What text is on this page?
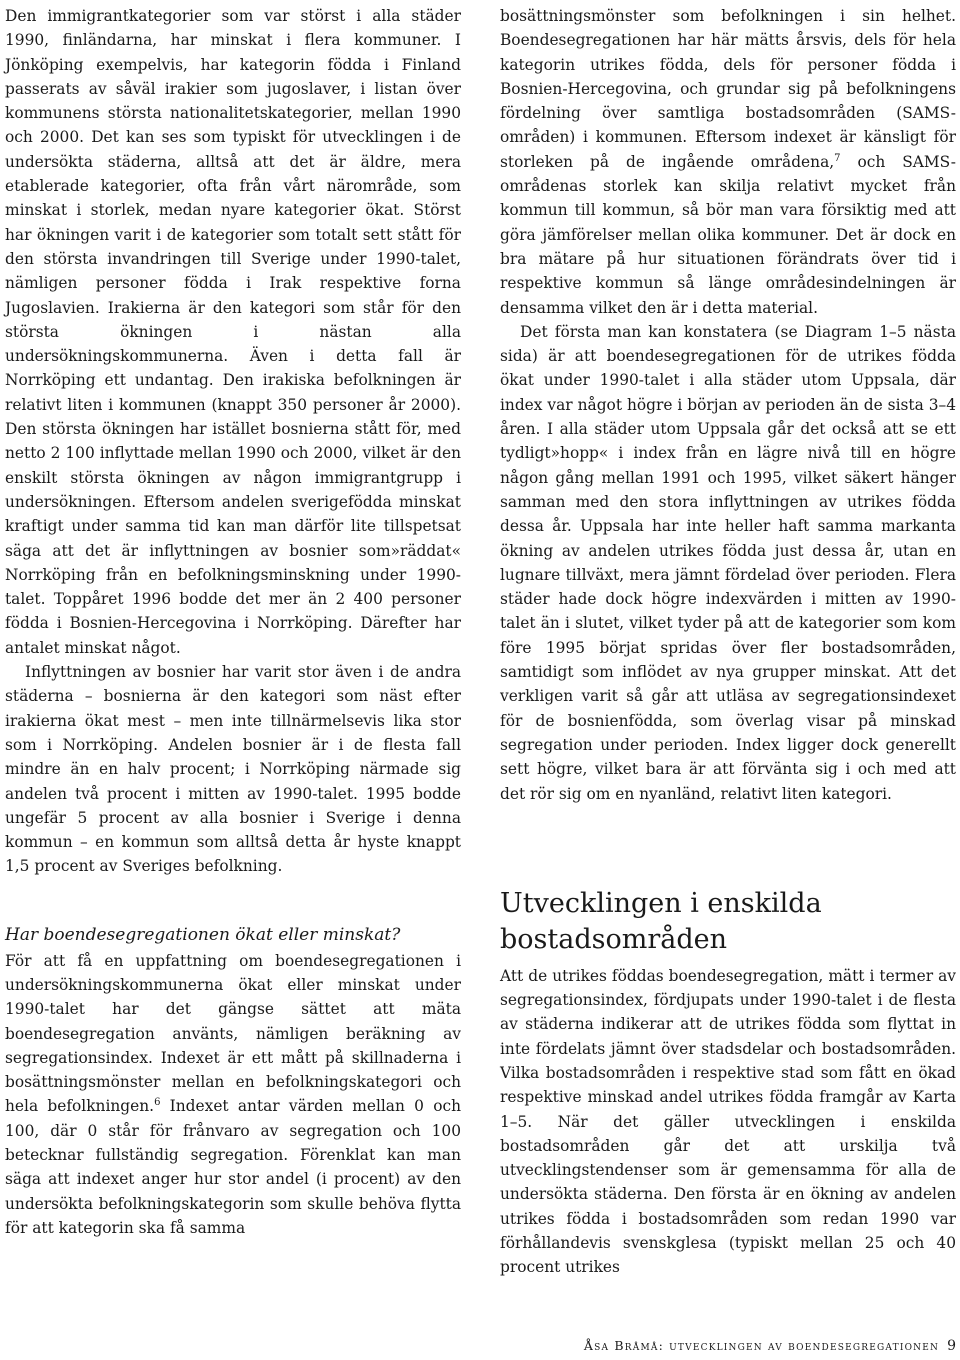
Den immigrantkategorier som var störst i alla städer 1990, finländarna, har minskat i flera kommuner. I Jönköping exempelvis, har kategorin födda i Finland passerats av såväl irakier som jugoslaver, i listan över kommunens största nationalitetskategorier, mellan 1990 och 2000. Det kan ses som typiskt för utvecklingen i de undersökta städerna, alltså att det är äldre, mera etablerade kategorier, ofta från vårt närområde, som minskat i storlek, medan nyare kategorier ökat. Störst har ökningen varit i de kategorier som totalt sett stått för den största invandringen till Sverige under 1990-talet, nämligen personer födda i Irak respektive forna Jugoslavien. Irakierna är den kategori som står för den största ökningen i nästan alla undersökningskommunerna. Även i detta fall är Norrköping ett undantag. Den irakiska befolkningen är relativt liten i kommunen (knappt 350 personer år 2000). Den största ökningen har istället bosnierna stått för, med netto 2 100 inflyttade mellan 1990 och 2000, vilket är den enskilt största ökningen av någon immigrantgrupp i undersökningen. Eftersom andelen sverigefödda minskat kraftigt under samma tid kan man därför lite tillspetsat säga att det är inflyttningen av bosnier som»räddat« Norrköping från en befolkningsminskning under 1990-talet. Toppåret 1996 bodde det mer än 2 400 personer födda i Bosnien-Hercegovina i Norrköping. Därefter har antalet minskat något.

Inflyttningen av bosnier har varit stor även i de andra städerna – bosnierna är den kategori som näst efter irakierna ökat mest – men inte tillnärmelsevis lika stor som i Norrköping. Andelen bosnier är i de flesta fall mindre än en halv procent; i Norrköping närmade sig andelen två procent i mitten av 1990-talet. 1995 bodde ungefär 5 procent av alla bosnier i Sverige i denna kommun – en kommun som alltså detta år hyste knappt 1,5 procent av Sveriges befolkning.

Har boendesegregationen ökat eller minskat?

För att få en uppfattning om boendesegregationen i undersökningskommunerna ökat eller minskat under 1990-talet har det gängse sättet att mäta boendesegregation använts, nämligen beräkning av segregationsindex. Indexet är ett mått på skillnaderna i bosättningsmönster mellan en befolkningskategori och hela befolkningen.$^6$ Indexet antar värden mellan 0 och 100, där 0 står för frånvaro av segregation och 100 betecknar fullständig segregation. Förenklat kan man säga att indexet anger hur stor andel (i procent) av den undersökta befolkningskategorin som skulle behöva flytta för att kategorin ska få samma

bosättningsmönster som befolkningen i sin helhet. Boendesegregationen har här mätts årsvis, dels för hela kategorin utrikes födda, dels för personer födda i Bosnien-Hercegovina, och grundar sig på befolkningens fördelning över samtliga bostadsområden (SAMS-områden) i kommunen. Eftersom indexet är känsligt för storleken på de ingående områdena,$^7$ och SAMS-områdenas storlek kan skilja relativt mycket från kommun till kommun, så bör man vara försiktig med att göra jämförelser mellan olika kommuner. Det är dock en bra mätare på hur situationen förändrats över tid i respektive kommun så länge områdesindelningen är densamma vilket den är i detta material.

Det första man kan konstatera (se Diagram 1–5 nästa sida) är att boendesegregationen för de utrikes födda ökat under 1990-talet i alla städer utom Uppsala, där index var något högre i början av perioden än de sista 3–4 åren. I alla städer utom Uppsala går det också att se ett tydligt»hopp« i index från en lägre nivå till en högre någon gång mellan 1991 och 1995, vilket säkert hänger samman med den stora inflyttningen av utrikes födda dessa år. Uppsala har inte heller haft samma markanta ökning av andelen utrikes födda just dessa år, utan en lugnare tillväxt, mera jämnt fördelad över perioden. Flera städer hade dock högre indexvärden i mitten av 1990-talet än i slutet, vilket tyder på att de kategorier som kom före 1995 börjat spridas över fler bostadsområden, samtidigt som inflödet av nya grupper minskat. Att det verkligen varit så går att utläsa av segregationsindexet för de bosnienfödda, som överlag visar på minskad segregation under perioden. Index ligger dock generellt sett högre, vilket bara är att förvänta sig i och med att det rör sig om en nyanländ, relativt liten kategori.

Utvecklingen i enskilda bostadsområden

Att de utrikes föddas boendesegregation, mätt i termer av segregationsindex, fördjupats under 1990-talet i de flesta av städerna indikerar att de utrikes födda som flyttat in inte fördelats jämnt över stadsdelar och bostadsområden. Vilka bostadsområden i respektive stad som fått en ökad respektive minskad andel utrikes födda framgår av Karta 1–5. När det gäller utvecklingen i enskilda bostadsområden går det att urskilja två utvecklingstendenser som är gemensamma för alla de undersökta städerna. Den första är en ökning av andelen utrikes födda i bostadsområden som redan 1990 var förhållandevis svenskglesa (typiskt mellan 25 och 40 procent utrikes

Åsa Bråmå: utvecklingen av boendesegregationen 9
